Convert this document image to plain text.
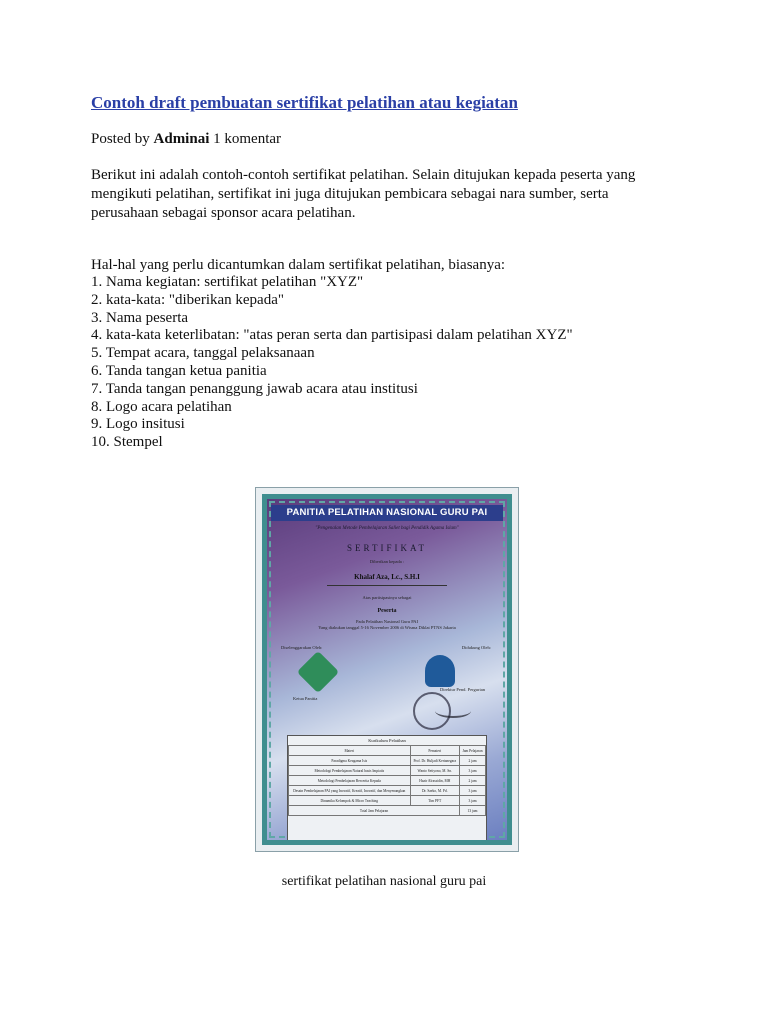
Contoh draft pembuatan sertifikat pelatihan atau kegiatan

Posted by Adminai 1 komentar

Berikut ini adalah contoh-contoh sertifikat pelatihan. Selain ditujukan kepada peserta yang mengikuti pelatihan, sertifikat ini juga ditujukan pembicara sebagai nara sumber, serta perusahaan sebagai sponsor acara pelatihan.

Hal-hal yang perlu dicantumkan dalam sertifikat pelatihan, biasanya:

1. Nama kegiatan: sertifikat pelatihan "XYZ"
2. kata-kata: "diberikan kepada"
3. Nama peserta
4. kata-kata keterlibatan: "atas peran serta dan partisipasi dalam pelatihan XYZ"
5. Tempat acara, tanggal pelaksanaan
6. Tanda tangan ketua panitia
7. Tanda tangan penanggung jawab acara atau institusi
8. Logo acara pelatihan
9. Logo insitusi
10. Stempel
PANITIA PELATIHAN NASIONAL GURU PAI
"Pengenalan Metode Pembelajaran Saliet bagi Pendidik Agama Islam"
SERTIFIKAT
Diberikan kepada :
Khalaf Aza, Lc., S.H.I
Atas partisipasinya sebagai
Peserta
Pada Pelatihan Nasional Guru PAI
Yang diakukan tanggal 5-16 November 2006 di Wisma Diklat PTNS Jakarta
Diselenggarakan Oleh:	Didukung Oleh:
Ketua Panitia
Direktur Pend. Pergurian
Kurikulum Pelatihan
Materi	Pemateri	Jam Pelajaran
Paradigma Keagama Isis	Prof. Dr. Huljadi Kertanegara	2 jam
Metodologi Pembelajaran Natural basis Impiatis	Wanto Setiyono, M. Sn.	3 jam
Metodologi Pembelajaran Bercerita Kepada	Hazir Alrassidin, MH	2 jam
Desain Pembelajaran PAI yang Inovatif, Kreatif, Inovatif, dan Menyenangkan	Dr. Saeko, M. Pd.	3 jam
Dinamika Kelompok & Micro Teaching	Tim PFT	3 jam
Total Jam Pelajaran		13 jam

sertifikat pelatihan nasional guru pai
